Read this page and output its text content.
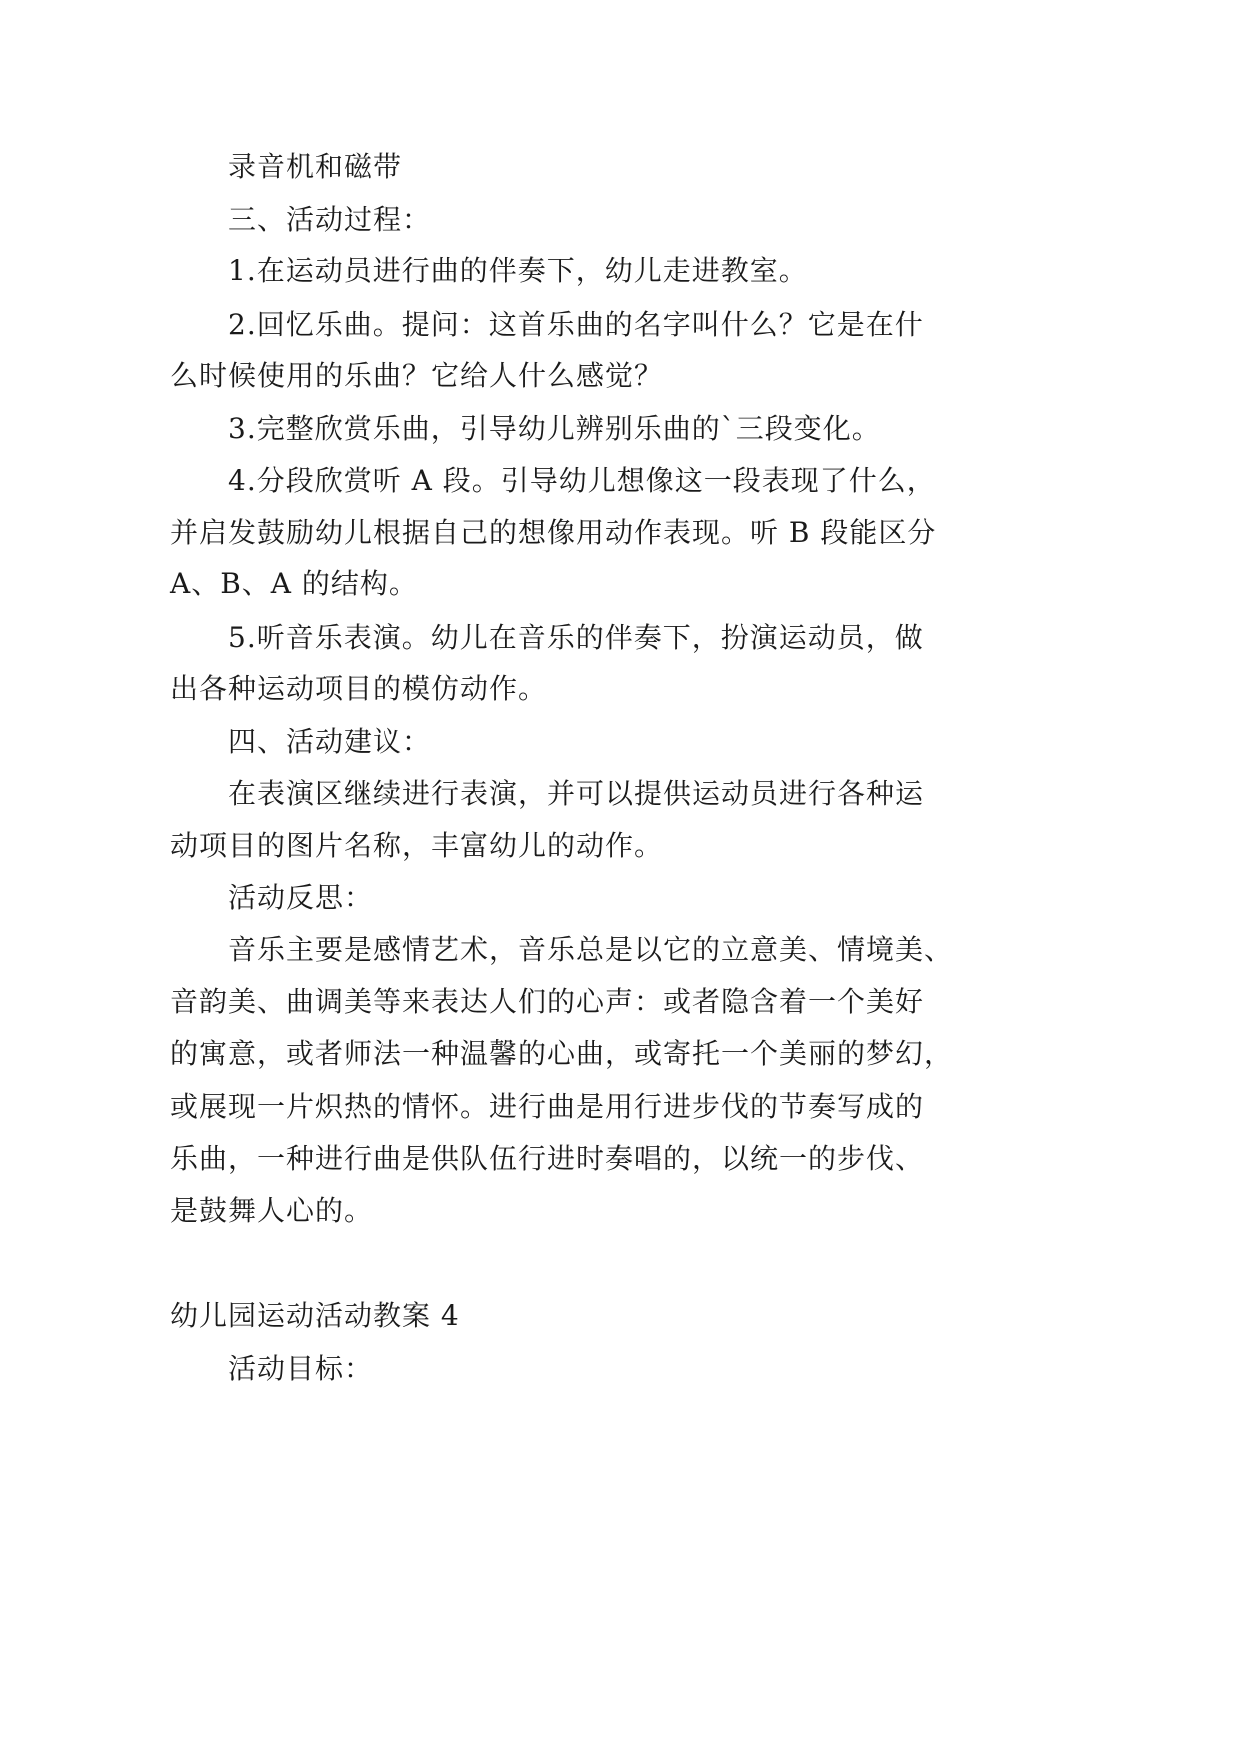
录音机和磁带
三、活动过程：
1.在运动员进行曲的伴奏下，幼儿走进教室。
2.回忆乐曲。提问：这首乐曲的名字叫什么？它是在什
么时候使用的乐曲？它给人什么感觉？
3.完整欣赏乐曲，引导幼儿辨别乐曲的`三段变化。
4.分段欣赏听 A 段。引导幼儿想像这一段表现了什么，
并启发鼓励幼儿根据自己的想像用动作表现。听 B 段能区分
A、B、A 的结构。
5.听音乐表演。幼儿在音乐的伴奏下，扮演运动员，做
出各种运动项目的模仿动作。
四、活动建议：
在表演区继续进行表演，并可以提供运动员进行各种运
动项目的图片名称，丰富幼儿的动作。
活动反思：
音乐主要是感情艺术，音乐总是以它的立意美、情境美、
音韵美、曲调美等来表达人们的心声：或者隐含着一个美好
的寓意，或者师法一种温馨的心曲，或寄托一个美丽的梦幻，
或展现一片炽热的情怀。进行曲是用行进步伐的节奏写成的
乐曲，一种进行曲是供队伍行进时奏唱的，以统一的步伐、
是鼓舞人心的。
幼儿园运动活动教案 4
活动目标：
